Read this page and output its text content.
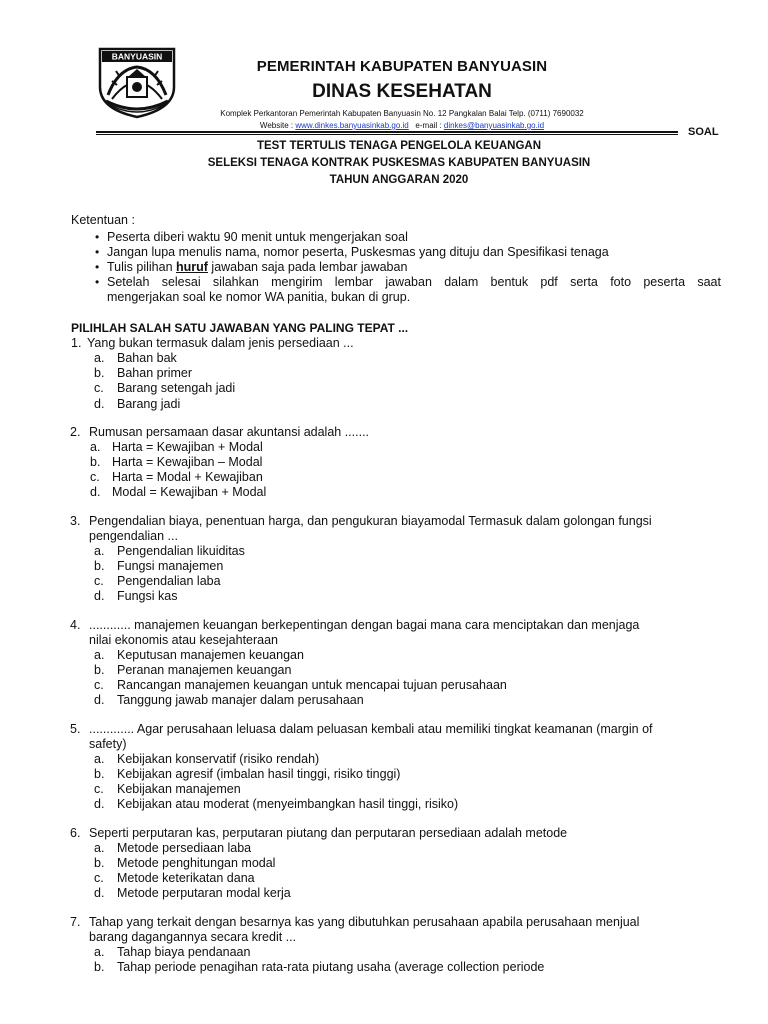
BANYUASIN
PEMERINTAH KABUPATEN BANYUASIN
DINAS KESEHATAN
Komplek Perkantoran Pemerintah Kabupaten Banyuasin No. 12 Pangkalan Balai Telp. (0711) 7690032
Website : www.dinkes.banyuasinkab.go.id e-mail : dinkes@banyuasinkab.go.id
SOAL
TEST TERTULIS TENAGA PENGELOLA KEUANGAN
SELEKSI TENAGA KONTRAK PUSKESMAS KABUPATEN BANYUASIN
TAHUN ANGGARAN 2020
Ketentuan :
• Peserta diberi waktu 90 menit untuk mengerjakan soal
• Jangan lupa menulis nama, nomor peserta, Puskesmas yang dituju dan Spesifikasi tenaga
• Tulis pilihan huruf jawaban saja pada lembar jawaban
• Setelah selesai silahkan mengirim lembar jawaban dalam bentuk pdf serta foto peserta saat
mengerjakan soal ke nomor WA panitia, bukan di grup.
PILIHLAH SALAH SATU JAWABAN YANG PALING TEPAT ...
1. Yang bukan termasuk dalam jenis persediaan ...
a. Bahan bak
b. Bahan primer
c. Barang setengah jadi
d. Barang jadi
2. Rumusan persamaan dasar akuntansi adalah .......
a. Harta = Kewajiban + Modal
b. Harta = Kewajiban – Modal
c. Harta = Modal + Kewajiban
d. Modal = Kewajiban + Modal
3. Pengendalian biaya, penentuan harga, dan pengukuran biayamodal Termasuk dalam golongan fungsi
pengendalian ...
a. Pengendalian likuiditas
b. Fungsi manajemen
c. Pengendalian laba
d. Fungsi kas
4. ............ manajemen keuangan berkepentingan dengan bagai mana cara menciptakan dan menjaga
nilai ekonomis atau kesejahteraan
a. Keputusan manajemen keuangan
b. Peranan manajemen keuangan
c. Rancangan manajemen keuangan untuk mencapai tujuan perusahaan
d. Tanggung jawab manajer dalam perusahaan
5. ............. Agar perusahaan leluasa dalam peluasan kembali atau memiliki tingkat keamanan (margin of
safety)
a. Kebijakan konservatif (risiko rendah)
b. Kebijakan agresif (imbalan hasil tinggi, risiko tinggi)
c. Kebijakan manajemen
d. Kebijakan atau moderat (menyeimbangkan hasil tinggi, risiko)
6. Seperti perputaran kas, perputaran piutang dan perputaran persediaan adalah metode
a. Metode persediaan laba
b. Metode penghitungan modal
c. Metode keterikatan dana
d. Metode perputaran modal kerja
7. Tahap yang terkait dengan besarnya kas yang dibutuhkan perusahaan apabila perusahaan menjual
barang dagangannya secara kredit ...
a. Tahap biaya pendanaan
b. Tahap periode penagihan rata-rata piutang usaha (average collection periode
